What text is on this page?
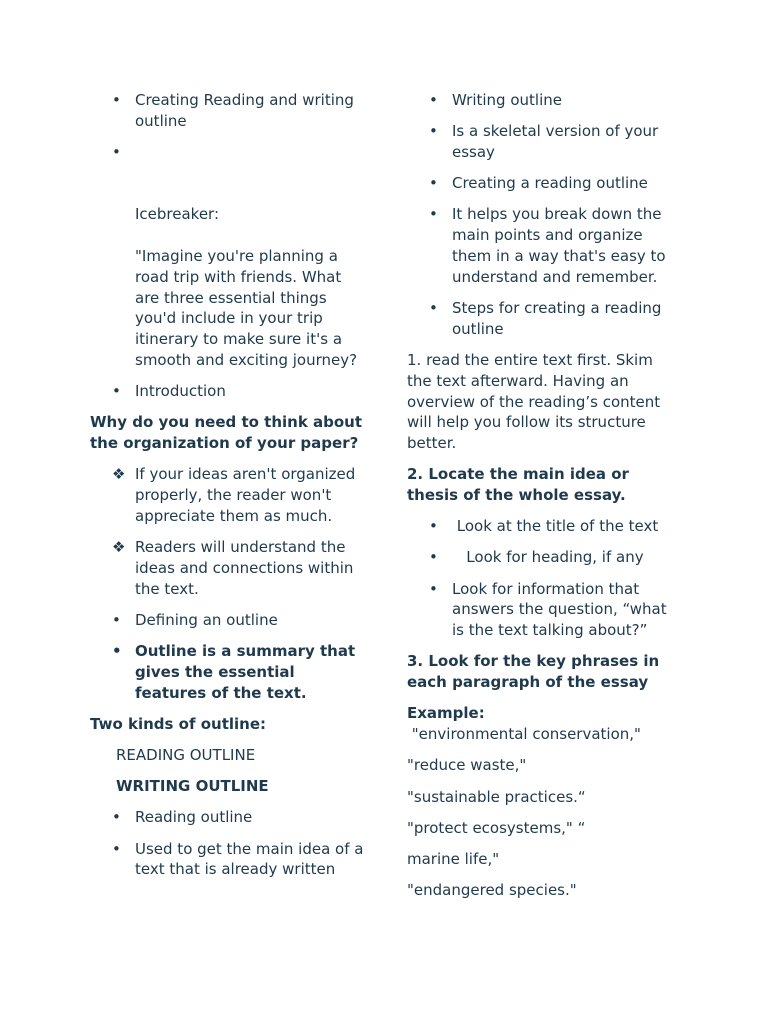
• Creating Reading and writing outline
•
Icebreaker:
"Imagine you're planning a road trip with friends. What are three essential things you'd include in your trip itinerary to make sure it's a smooth and exciting journey?
• Introduction
Why do you need to think about the organization of your paper?
❖ If your ideas aren't organized properly, the reader won't appreciate them as much.
❖ Readers will understand the ideas and connections within the text.
• Defining an outline
• Outline is a summary that gives the essential features of the text.
Two kinds of outline:
READING OUTLINE
WRITING OUTLINE
• Reading outline
• Used to get the main idea of a text that is already written
• Writing outline
• Is a skeletal version of your essay
• Creating a reading outline
• It helps you break down the main points and organize them in a way that's easy to understand and remember.
• Steps for creating a reading outline
1. read the entire text first. Skim the text afterward. Having an overview of the reading’s content will help you follow its structure better.
2. Locate the main idea or thesis of the whole essay.
• Look at the title of the text
• Look for heading, if any
• Look for information that answers the question, “what is the text talking about?”
3. Look for the key phrases in each paragraph of the essay
Example:
"environmental conservation,"
"reduce waste,"
"sustainable practices.“
"protect ecosystems," “
marine life,"
"endangered species."
